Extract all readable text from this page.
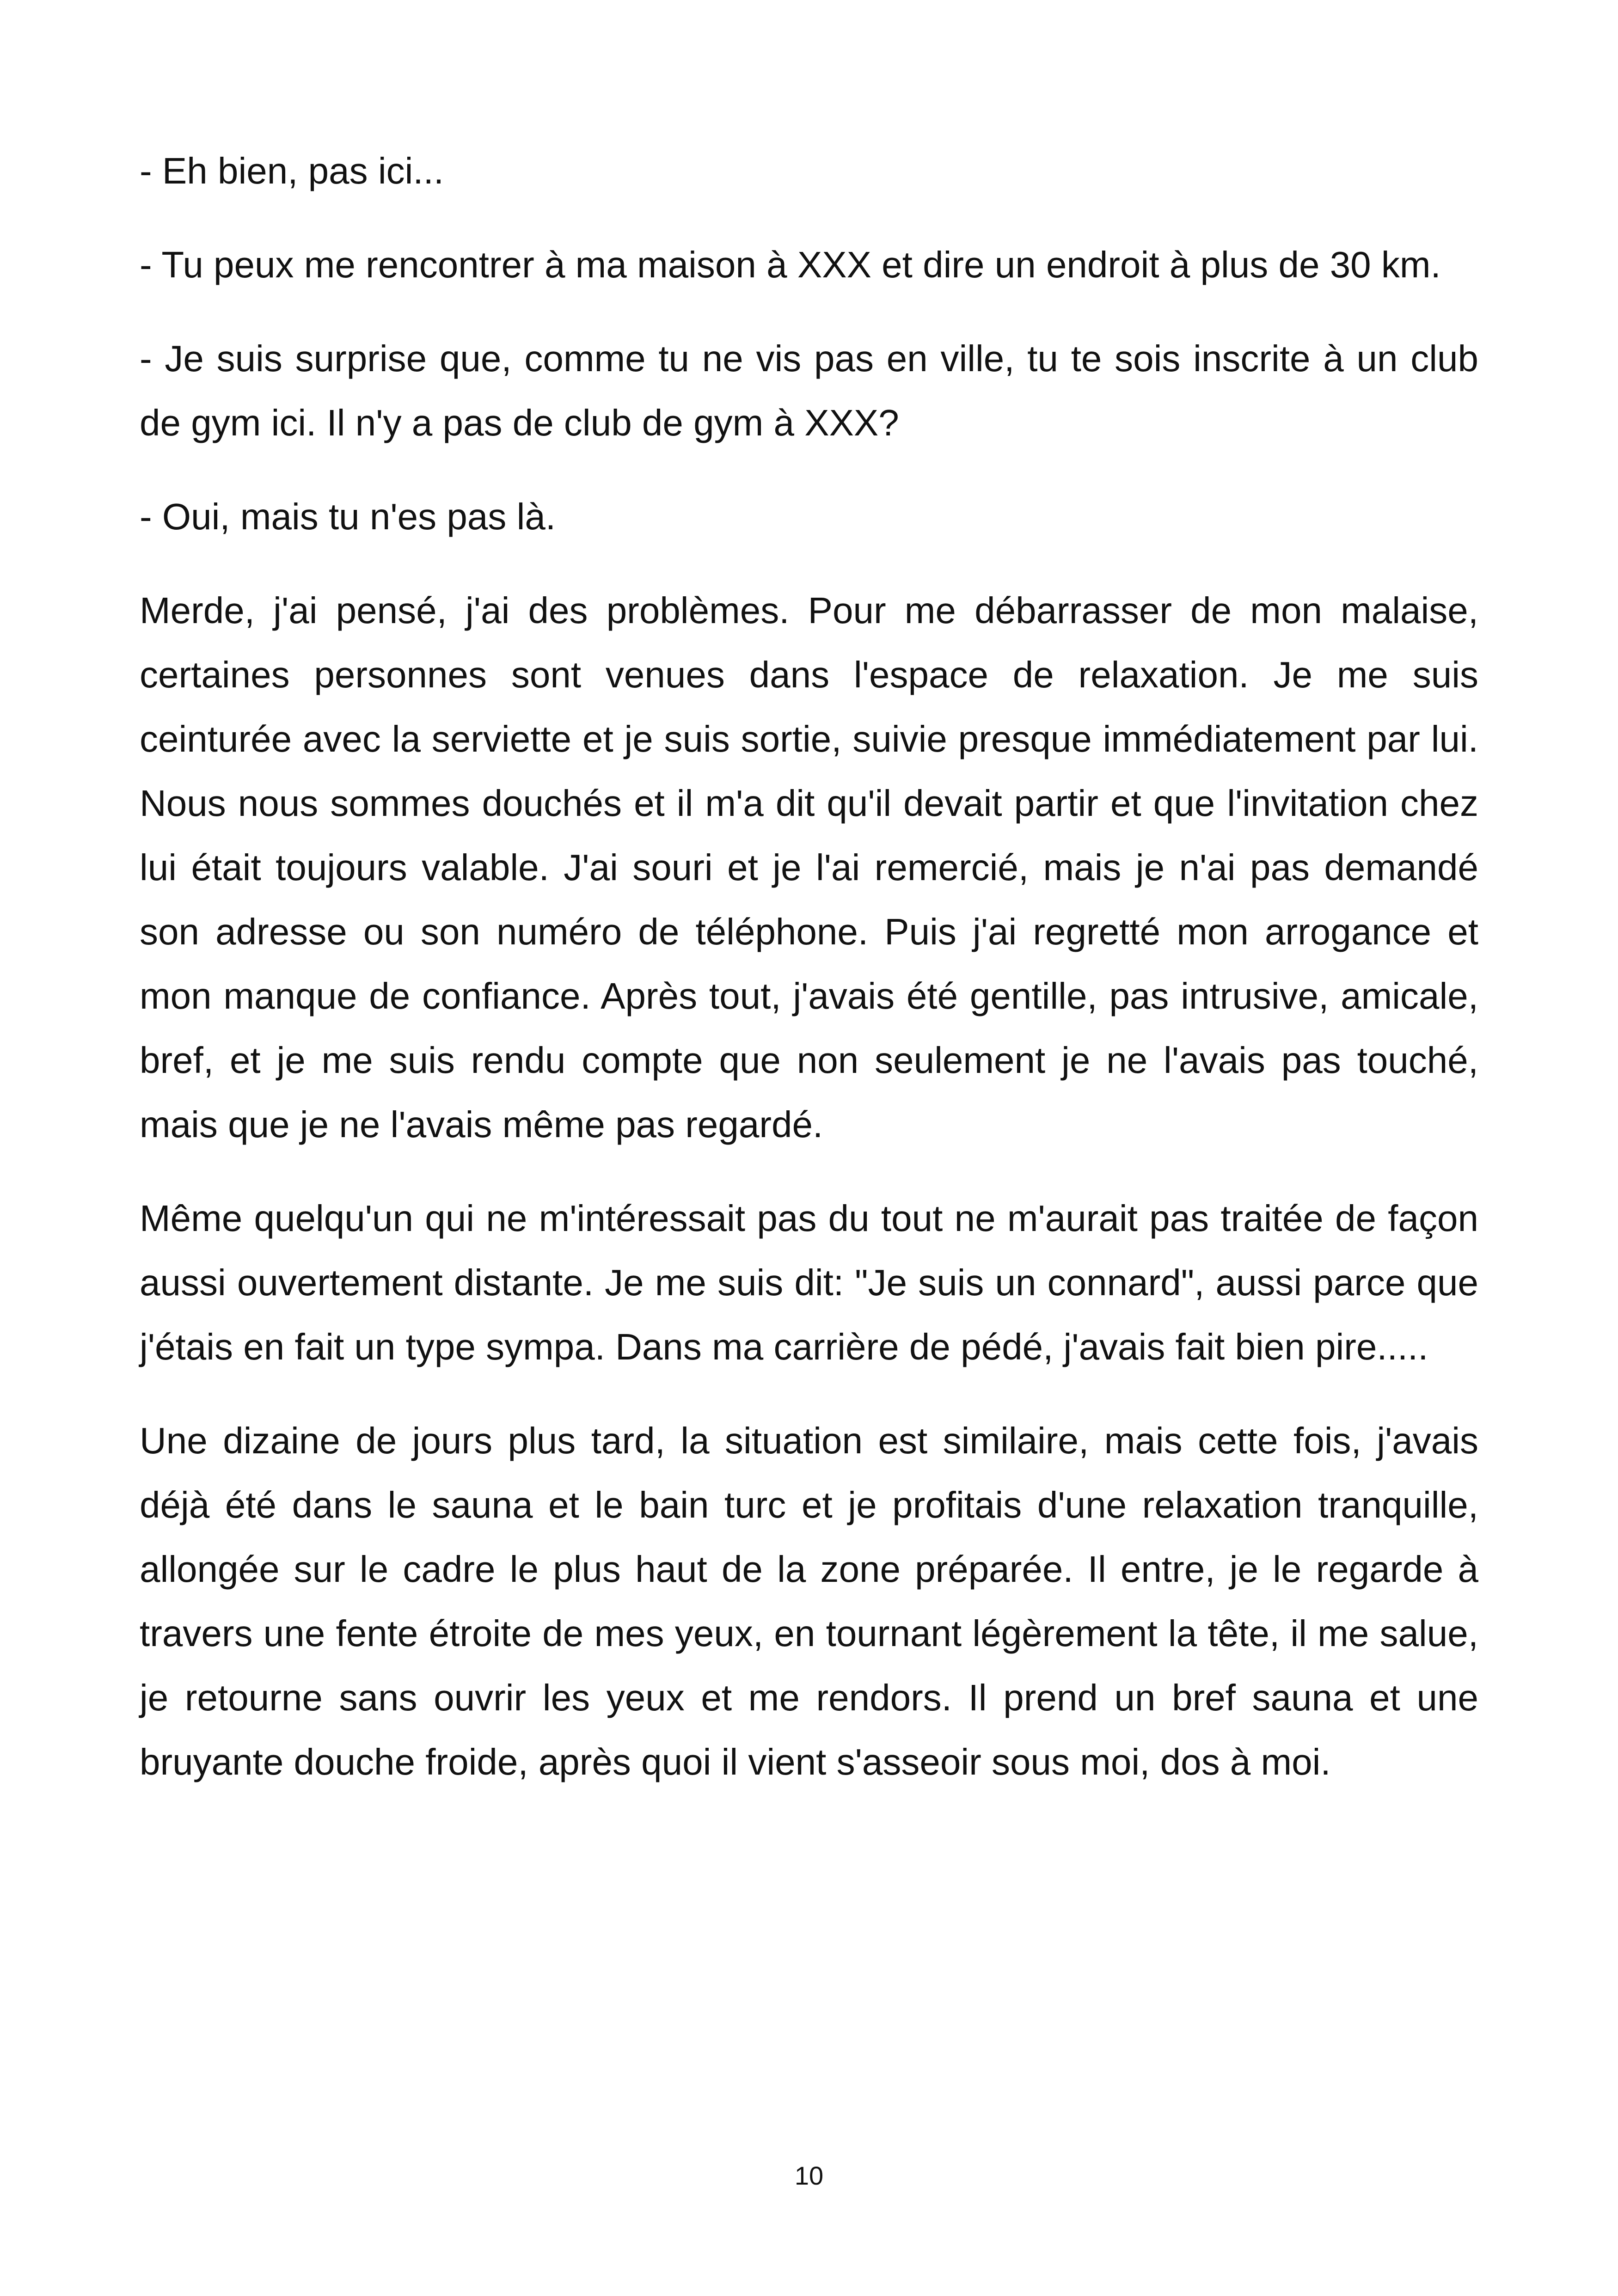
- Eh bien, pas ici...

- Tu peux me rencontrer à ma maison à XXX et dire un endroit à plus de 30 km.

- Je suis surprise que, comme tu ne vis pas en ville, tu te sois inscrite à un club de gym ici. Il n'y a pas de club de gym à XXX?

- Oui, mais tu n'es pas là.

Merde, j'ai pensé, j'ai des problèmes. Pour me débarrasser de mon malaise, certaines personnes sont venues dans l'espace de relaxation. Je me suis ceinturée avec la serviette et je suis sortie, suivie presque immédiatement par lui. Nous nous sommes douchés et il m'a dit qu'il devait partir et que l'invitation chez lui était toujours valable. J'ai souri et je l'ai remercié, mais je n'ai pas demandé son adresse ou son numéro de téléphone. Puis j'ai regretté mon arrogance et mon manque de confiance. Après tout, j'avais été gentille, pas intrusive, amicale, bref, et je me suis rendu compte que non seulement je ne l'avais pas touché, mais que je ne l'avais même pas regardé.

Même quelqu'un qui ne m'intéressait pas du tout ne m'aurait pas traitée de façon aussi ouvertement distante. Je me suis dit: "Je suis un connard", aussi parce que j'étais en fait un type sympa. Dans ma carrière de pédé, j'avais fait bien pire.....

Une dizaine de jours plus tard, la situation est similaire, mais cette fois, j'avais déjà été dans le sauna et le bain turc et je profitais d'une relaxation tranquille, allongée sur le cadre le plus haut de la zone préparée. Il entre, je le regarde à travers une fente étroite de mes yeux, en tournant légèrement la tête, il me salue, je retourne sans ouvrir les yeux et me rendors. Il prend un bref sauna et une bruyante douche froide, après quoi il vient s'asseoir sous moi, dos à moi.

10
